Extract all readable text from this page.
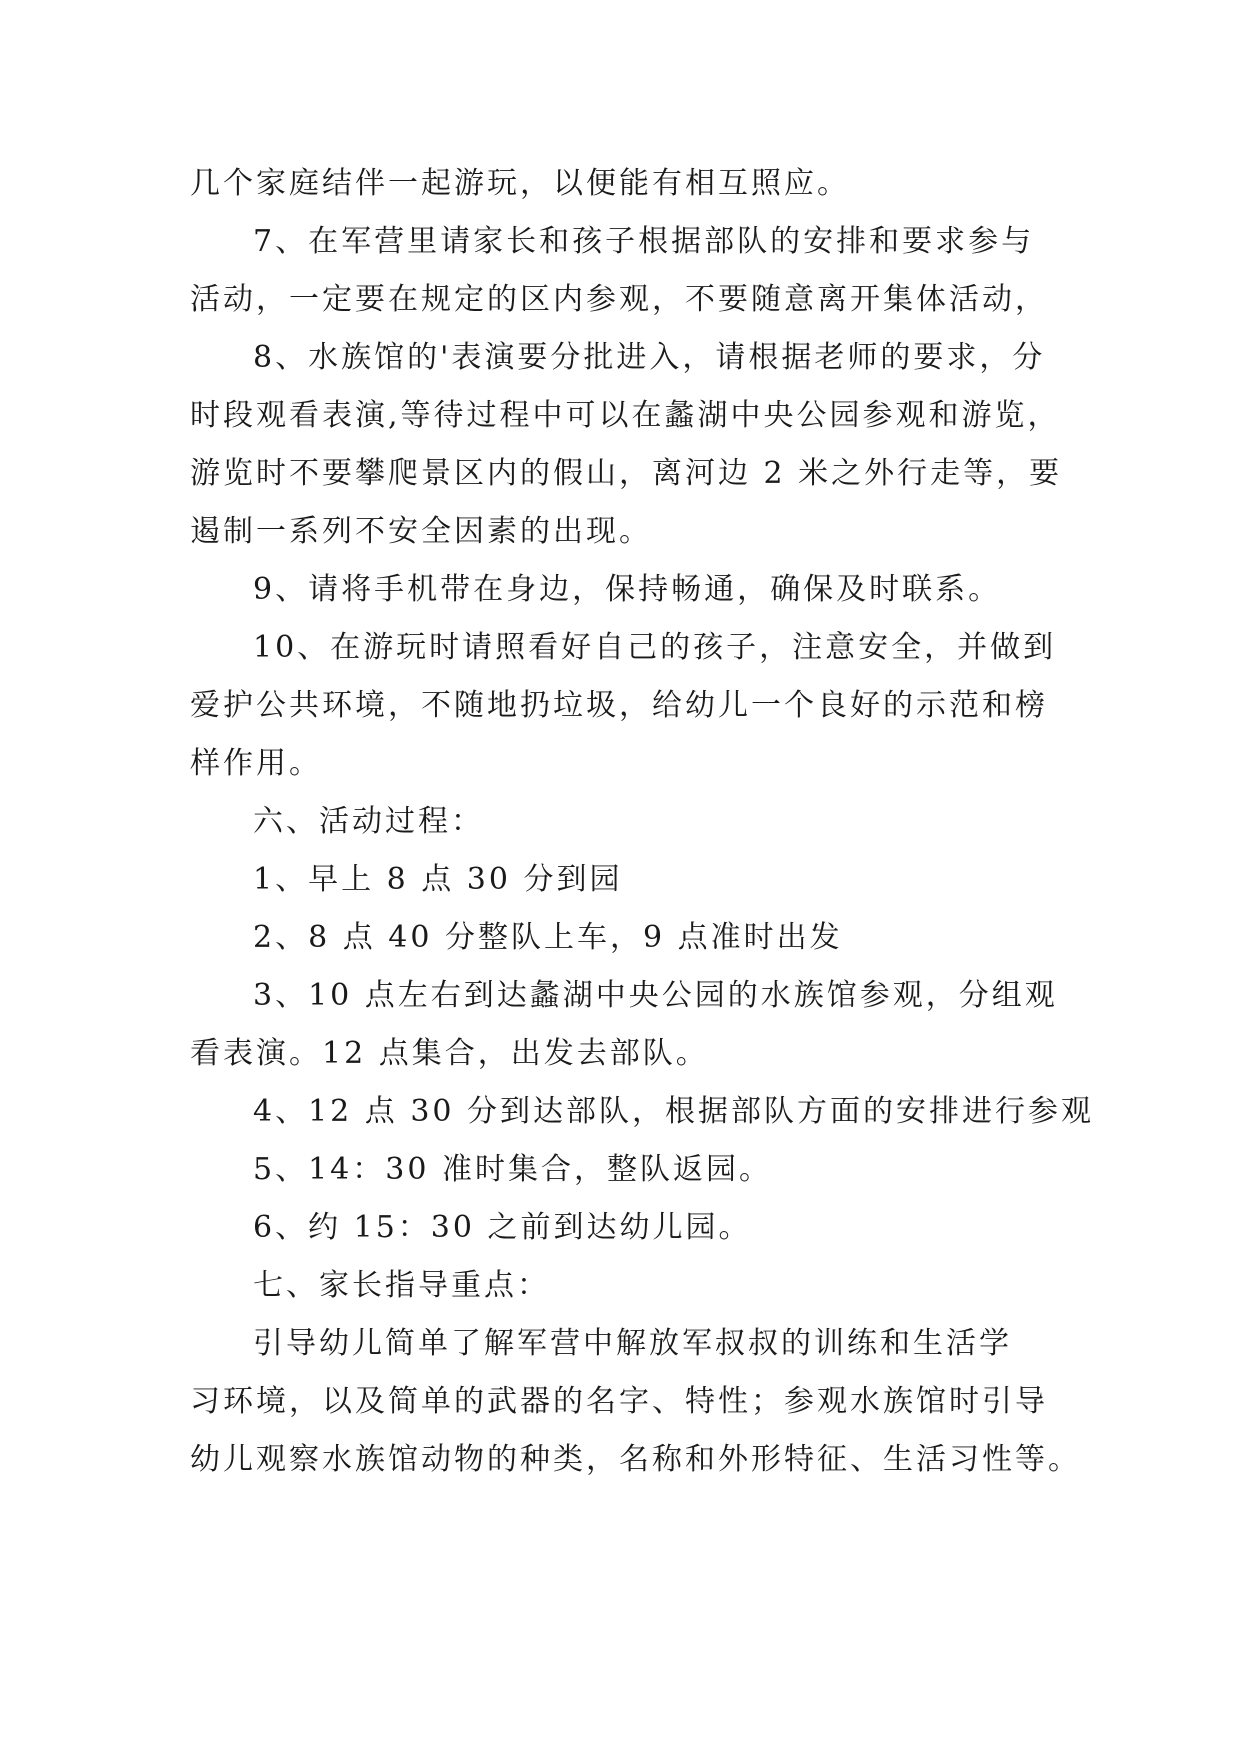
几个家庭结伴一起游玩，以便能有相互照应。
7、在军营里请家长和孩子根据部队的安排和要求参与
活动，一定要在规定的区内参观，不要随意离开集体活动，
8、水族馆的'表演要分批进入，请根据老师的要求，分
时段观看表演,等待过程中可以在蠡湖中央公园参观和游览，
游览时不要攀爬景区内的假山，离河边 2 米之外行走等，要
遏制一系列不安全因素的出现。
9、请将手机带在身边，保持畅通，确保及时联系。
10、在游玩时请照看好自己的孩子，注意安全，并做到
爱护公共环境，不随地扔垃圾，给幼儿一个良好的示范和榜
样作用。
六、活动过程：
1、早上 8 点 30 分到园
2、8 点 40 分整队上车，9 点准时出发
3、10 点左右到达蠡湖中央公园的水族馆参观，分组观
看表演。12 点集合，出发去部队。
4、12 点 30 分到达部队，根据部队方面的安排进行参观
5、14：30 准时集合，整队返园。
6、约 15：30 之前到达幼儿园。
七、家长指导重点：
引导幼儿简单了解军营中解放军叔叔的训练和生活学
习环境，以及简单的武器的名字、特性；参观水族馆时引导
幼儿观察水族馆动物的种类，名称和外形特征、生活习性等。
